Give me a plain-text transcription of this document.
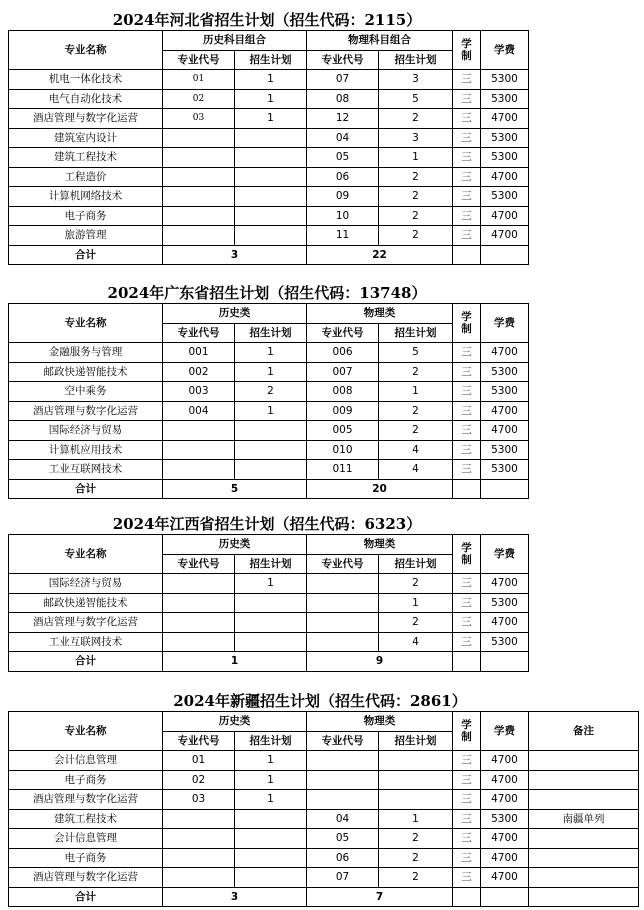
2024年河北省招生计划（招生代码：2115）
2024年广东省招生计划（招生代码：13748）
2024年江西省招生计划（招生代码：6323）
2024年新疆招生计划（招生代码：2861）
专业名称	历史科目组合		物理科目组合		学
制	学费
	专业代号	招生计划	专业代号	招生计划		
机电一体化技术	01	1	07	3	三	5300
电气自动化技术	02	1	08	5	三	5300
酒店管理与数字化运营	03	1	12	2	三	4700
建筑室内设计			04	3	三	5300
建筑工程技术			05	1	三	5300
工程造价			06	2	三	4700
计算机网络技术			09	2	三	5300
电子商务			10	2	三	4700
旅游管理			11	2	三	4700
合计	3		22			
专业名称	历史类		物理类		学
制	学费
	专业代号	招生计划	专业代号	招生计划		
金融服务与管理	001	1	006	5	三	4700
邮政快递智能技术	002	1	007	2	三	5300
空中乘务	003	2	008	1	三	5300
酒店管理与数字化运营	004	1	009	2	三	4700
国际经济与贸易			005	2	三	4700
计算机应用技术			010	4	三	5300
工业互联网技术			011	4	三	5300
合计	5		20			
专业名称	历史类		物理类		学
制	学费
	专业代号	招生计划	专业代号	招生计划		
国际经济与贸易		1		2	三	4700
邮政快递智能技术				1	三	5300
酒店管理与数字化运营				2	三	4700
工业互联网技术				4	三	5300
合计	1		9			
专业名称	历史类		物理类		学
制	学费	备注
	专业代号	招生计划	专业代号	招生计划			
会计信息管理	01	1			三	4700	
电子商务	02	1			三	4700	
酒店管理与数字化运营	03	1			三	4700	
建筑工程技术			04	1	三	5300	南疆单列
会计信息管理			05	2	三	4700	
电子商务			06	2	三	4700	
酒店管理与数字化运营			07	2	三	4700	
合计	3		7				
